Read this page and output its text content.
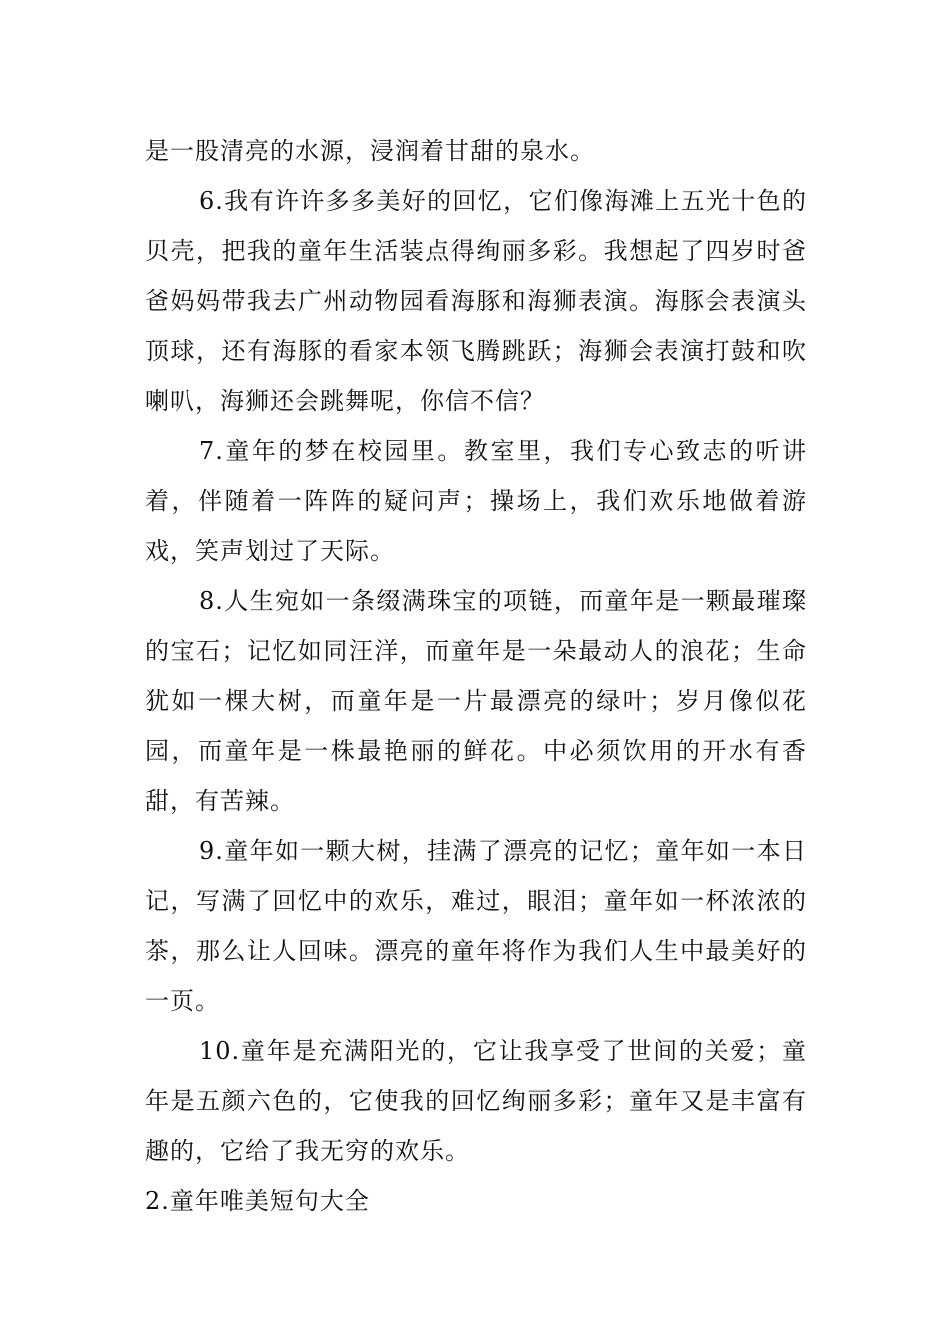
是一股清亮的水源，浸润着甘甜的泉水。

6.我有许许多多美好的回忆，它们像海滩上五光十色的贝壳，把我的童年生活装点得绚丽多彩。我想起了四岁时爸爸妈妈带我去广州动物园看海豚和海狮表演。海豚会表演头顶球，还有海豚的看家本领飞腾跳跃；海狮会表演打鼓和吹喇叭，海狮还会跳舞呢，你信不信？

7.童年的梦在校园里。教室里，我们专心致志的听讲着，伴随着一阵阵的疑问声；操场上，我们欢乐地做着游戏，笑声划过了天际。

8.人生宛如一条缀满珠宝的项链，而童年是一颗最璀璨的宝石；记忆如同汪洋，而童年是一朵最动人的浪花；生命犹如一棵大树，而童年是一片最漂亮的绿叶；岁月像似花园，而童年是一株最艳丽的鲜花。中必须饮用的开水有香甜，有苦辣。

9.童年如一颗大树，挂满了漂亮的记忆；童年如一本日记，写满了回忆中的欢乐，难过，眼泪；童年如一杯浓浓的茶，那么让人回味。漂亮的童年将作为我们人生中最美好的一页。

10.童年是充满阳光的，它让我享受了世间的关爱；童年是五颜六色的，它使我的回忆绚丽多彩；童年又是丰富有趣的，它给了我无穷的欢乐。

2.童年唯美短句大全
